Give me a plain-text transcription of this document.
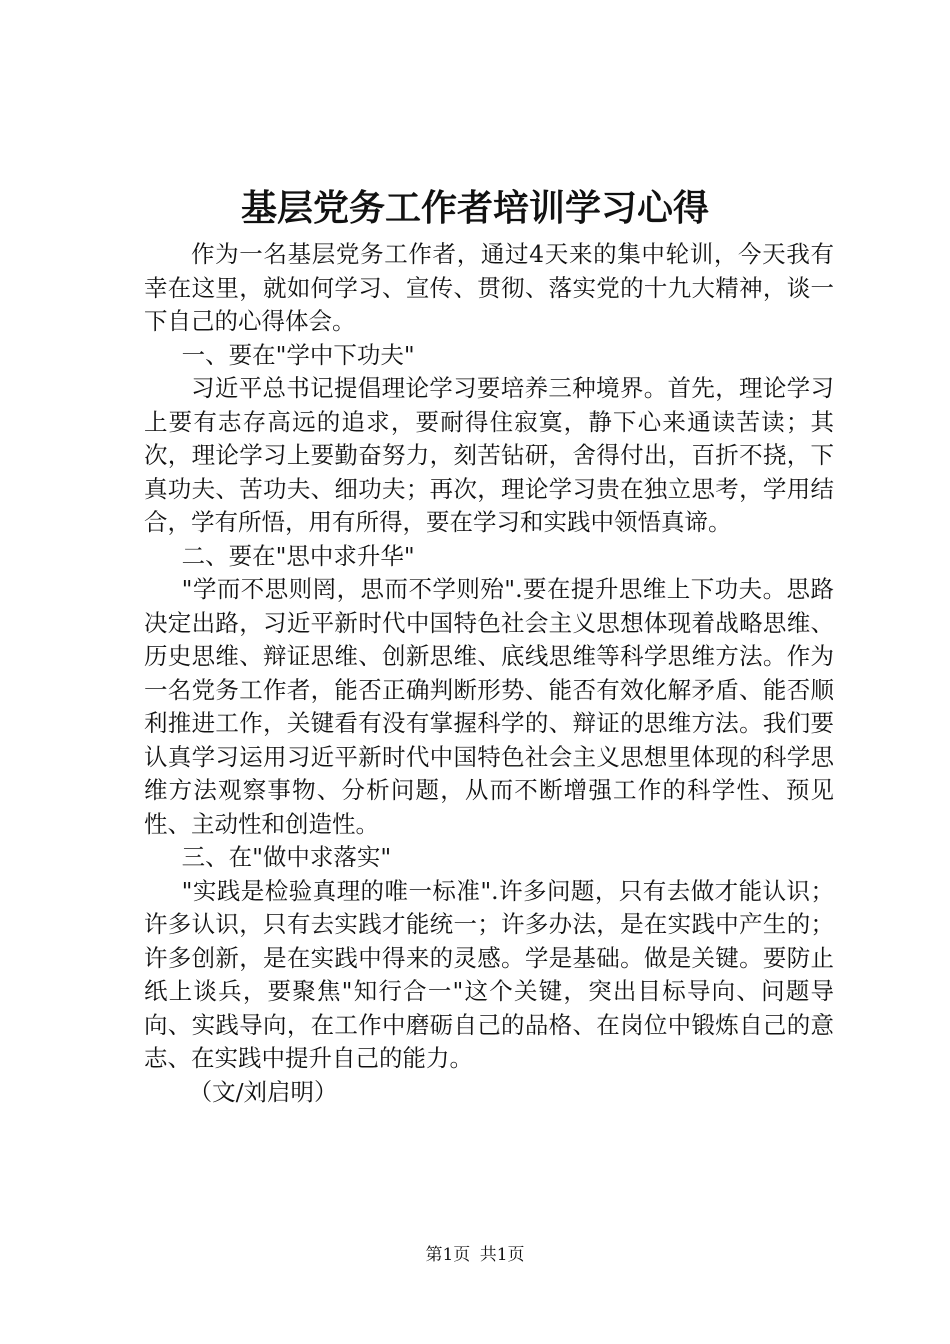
基层党务工作者培训学习心得

作为一名基层党务工作者，通过4天来的集中轮训，今天我有幸在这里，就如何学习、宣传、贯彻、落实党的十九大精神，谈一下自己的心得体会。

一、要在"学中下功夫"

习近平总书记提倡理论学习要培养三种境界。首先，理论学习上要有志存高远的追求，要耐得住寂寞，静下心来通读苦读；其次，理论学习上要勤奋努力，刻苦钻研，舍得付出，百折不挠，下真功夫、苦功夫、细功夫；再次，理论学习贵在独立思考，学用结合，学有所悟，用有所得，要在学习和实践中领悟真谛。

二、要在"思中求升华"

"学而不思则罔，思而不学则殆".要在提升思维上下功夫。思路决定出路，习近平新时代中国特色社会主义思想体现着战略思维、历史思维、辩证思维、创新思维、底线思维等科学思维方法。作为一名党务工作者，能否正确判断形势、能否有效化解矛盾、能否顺利推进工作，关键看有没有掌握科学的、辩证的思维方法。我们要认真学习运用习近平新时代中国特色社会主义思想里体现的科学思维方法观察事物、分析问题，从而不断增强工作的科学性、预见性、主动性和创造性。

三、在"做中求落实"

"实践是检验真理的唯一标准".许多问题，只有去做才能认识；许多认识，只有去实践才能统一；许多办法，是在实践中产生的；许多创新，是在实践中得来的灵感。学是基础。做是关键。要防止纸上谈兵，要聚焦"知行合一"这个关键，突出目标导向、问题导向、实践导向，在工作中磨砺自己的品格、在岗位中锻炼自己的意志、在实践中提升自己的能力。

（文/刘启明）

第1页 共1页
